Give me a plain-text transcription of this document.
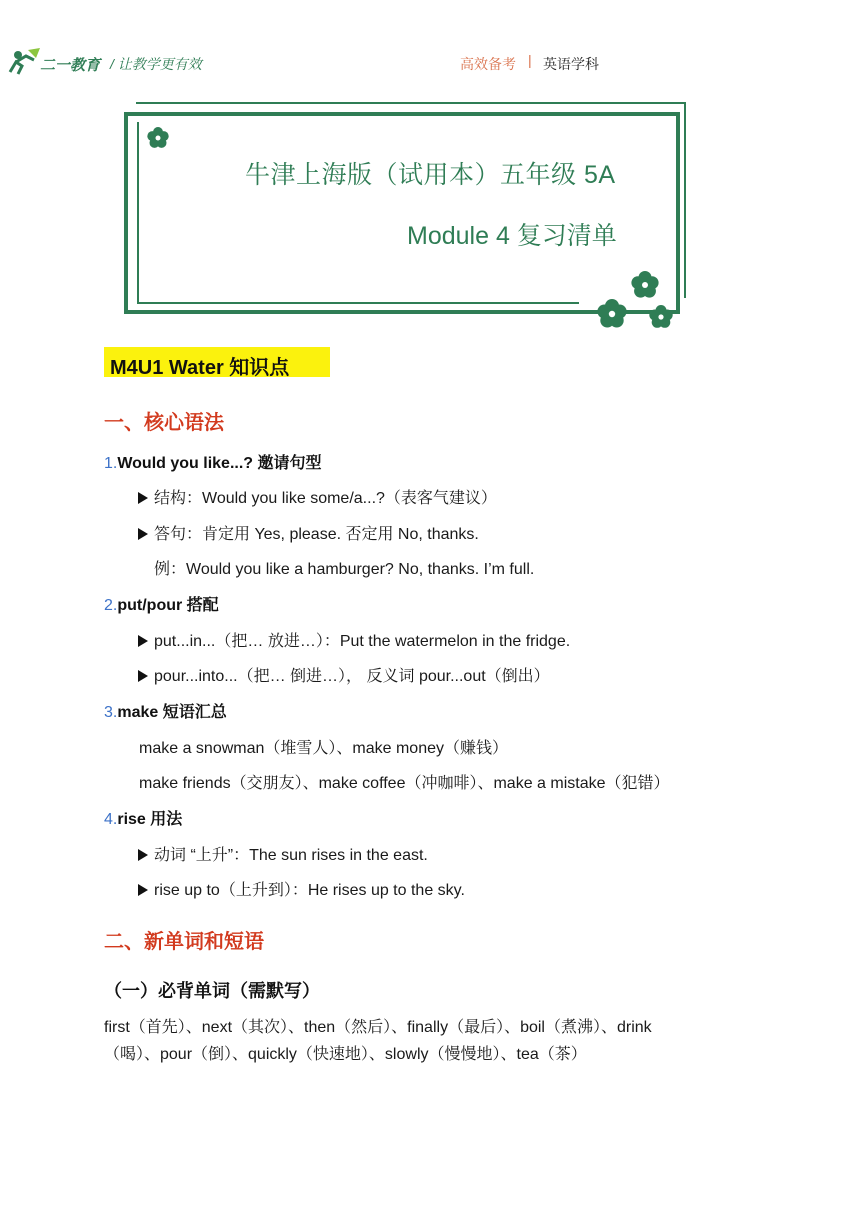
二一教育 / 让教学更有效	高效备考 | 英语学科
牛津上海版（试用本）五年级 5A
Module 4 复习清单
M4U1 Water 知识点
一、核心语法
1.Would you like...? 邀请句型
结构：Would you like some/a...?（表客气建议）
答句：肯定用 Yes, please. 否定用 No, thanks.
例：Would you like a hamburger? No, thanks. I’m full.
2.put/pour 搭配
put...in...（把… 放进…）：Put the watermelon in the fridge.
pour...into...（把… 倒进…）， 反义词 pour...out（倒出）
3.make 短语汇总
make a snowman（堆雪人）、make money（赚钱）
make friends（交朋友）、make coffee（冲咖啡）、make a mistake（犯错）
4.rise 用法
动词 “上升”：The sun rises in the east.
rise up to（上升到）：He rises up to the sky.
二、新单词和短语
（一）必背单词（需默写）
first（首先）、next（其次）、then（然后）、finally（最后）、boil（煮沸）、drink
（喝）、pour（倒）、quickly（快速地）、slowly（慢慢地）、tea（茶）
